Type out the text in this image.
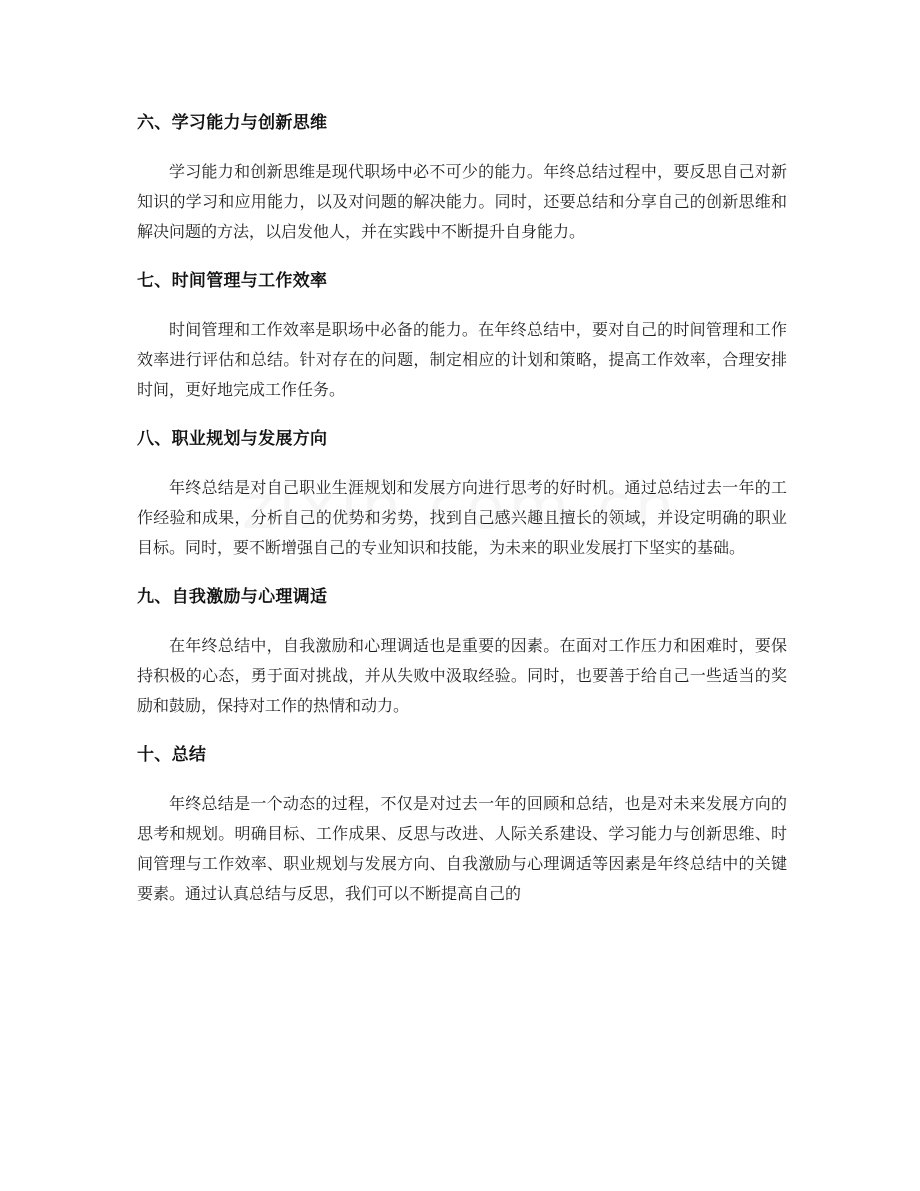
六、学习能力与创新思维

学习能力和创新思维是现代职场中必不可少的能力。年终总结过程中，要反思自己对新知识的学习和应用能力，以及对问题的解决能力。同时，还要总结和分享自己的创新思维和解决问题的方法，以启发他人，并在实践中不断提升自身能力。

七、时间管理与工作效率

时间管理和工作效率是职场中必备的能力。在年终总结中，要对自己的时间管理和工作效率进行评估和总结。针对存在的问题，制定相应的计划和策略，提高工作效率，合理安排时间，更好地完成工作任务。

八、职业规划与发展方向

年终总结是对自己职业生涯规划和发展方向进行思考的好时机。通过总结过去一年的工作经验和成果，分析自己的优势和劣势，找到自己感兴趣且擅长的领域，并设定明确的职业目标。同时，要不断增强自己的专业知识和技能，为未来的职业发展打下坚实的基础。

九、自我激励与心理调适

在年终总结中，自我激励和心理调适也是重要的因素。在面对工作压力和困难时，要保持积极的心态，勇于面对挑战，并从失败中汲取经验。同时，也要善于给自己一些适当的奖励和鼓励，保持对工作的热情和动力。

十、总结

年终总结是一个动态的过程，不仅是对过去一年的回顾和总结，也是对未来发展方向的思考和规划。明确目标、工作成果、反思与改进、人际关系建设、学习能力与创新思维、时间管理与工作效率、职业规划与发展方向、自我激励与心理调适等因素是年终总结中的关键要素。通过认真总结与反思，我们可以不断提高自己的
